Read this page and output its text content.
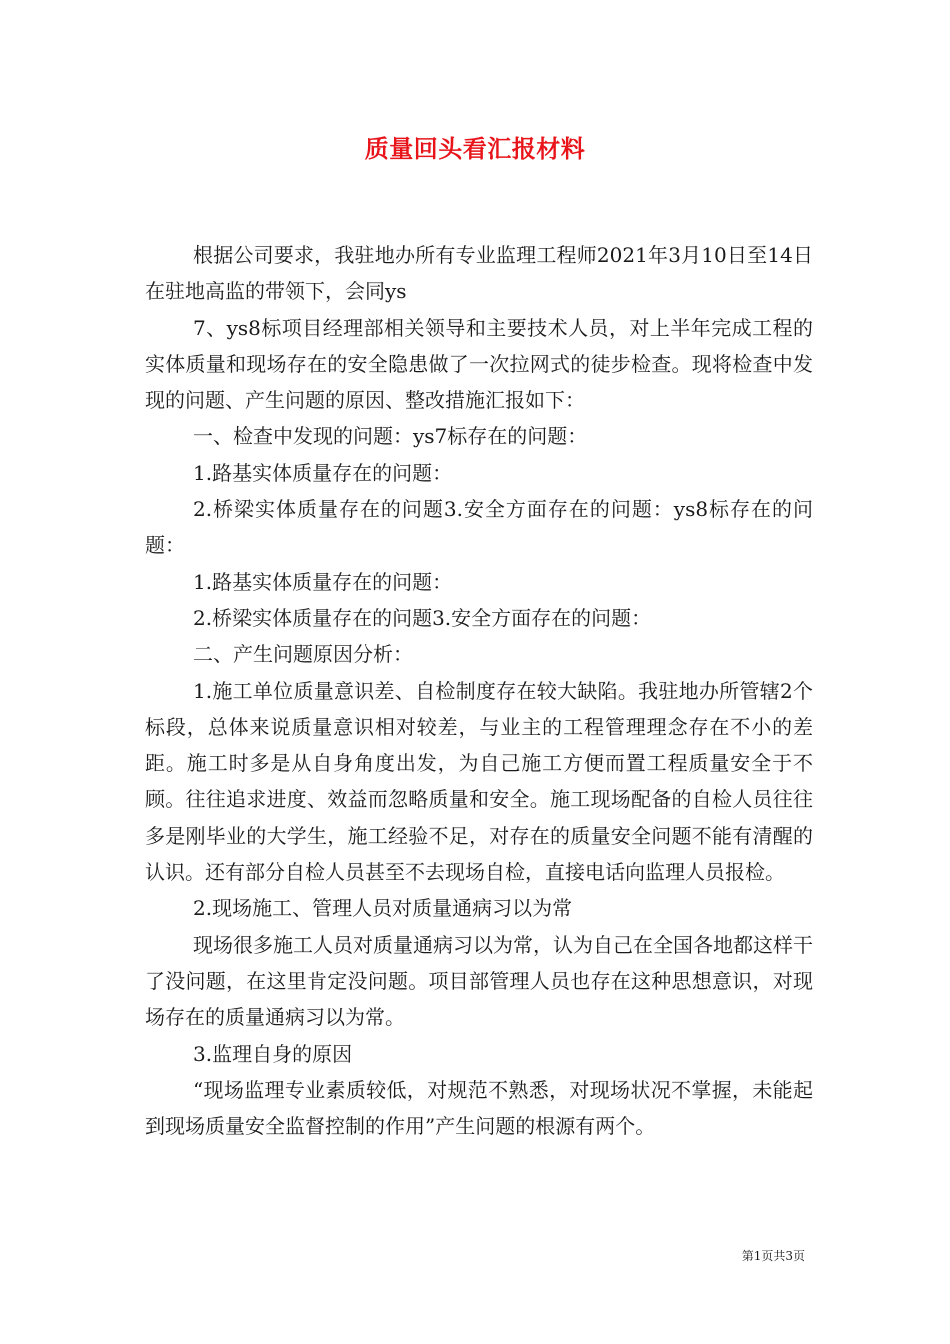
质量回头看汇报材料

根据公司要求，我驻地办所有专业监理工程师2021年3月10日至14日在驻地高监的带领下，会同ys

7、ys8标项目经理部相关领导和主要技术人员，对上半年完成工程的实体质量和现场存在的安全隐患做了一次拉网式的徒步检查。现将检查中发现的问题、产生问题的原因、整改措施汇报如下：

一、检查中发现的问题：ys7标存在的问题：

1.路基实体质量存在的问题：

2.桥梁实体质量存在的问题3.安全方面存在的问题：ys8标存在的问题：

1.路基实体质量存在的问题：

2.桥梁实体质量存在的问题3.安全方面存在的问题：

二、产生问题原因分析：

1.施工单位质量意识差、自检制度存在较大缺陷。我驻地办所管辖2个标段，总体来说质量意识相对较差，与业主的工程管理理念存在不小的差距。施工时多是从自身角度出发，为自己施工方便而置工程质量安全于不顾。往往追求进度、效益而忽略质量和安全。施工现场配备的自检人员往往多是刚毕业的大学生，施工经验不足，对存在的质量安全问题不能有清醒的认识。还有部分自检人员甚至不去现场自检，直接电话向监理人员报检。

2.现场施工、管理人员对质量通病习以为常

现场很多施工人员对质量通病习以为常，认为自己在全国各地都这样干了没问题，在这里肯定没问题。项目部管理人员也存在这种思想意识，对现场存在的质量通病习以为常。

3.监理自身的原因

“现场监理专业素质较低，对规范不熟悉，对现场状况不掌握，未能起到现场质量安全监督控制的作用”产生问题的根源有两个。

第1页共3页
